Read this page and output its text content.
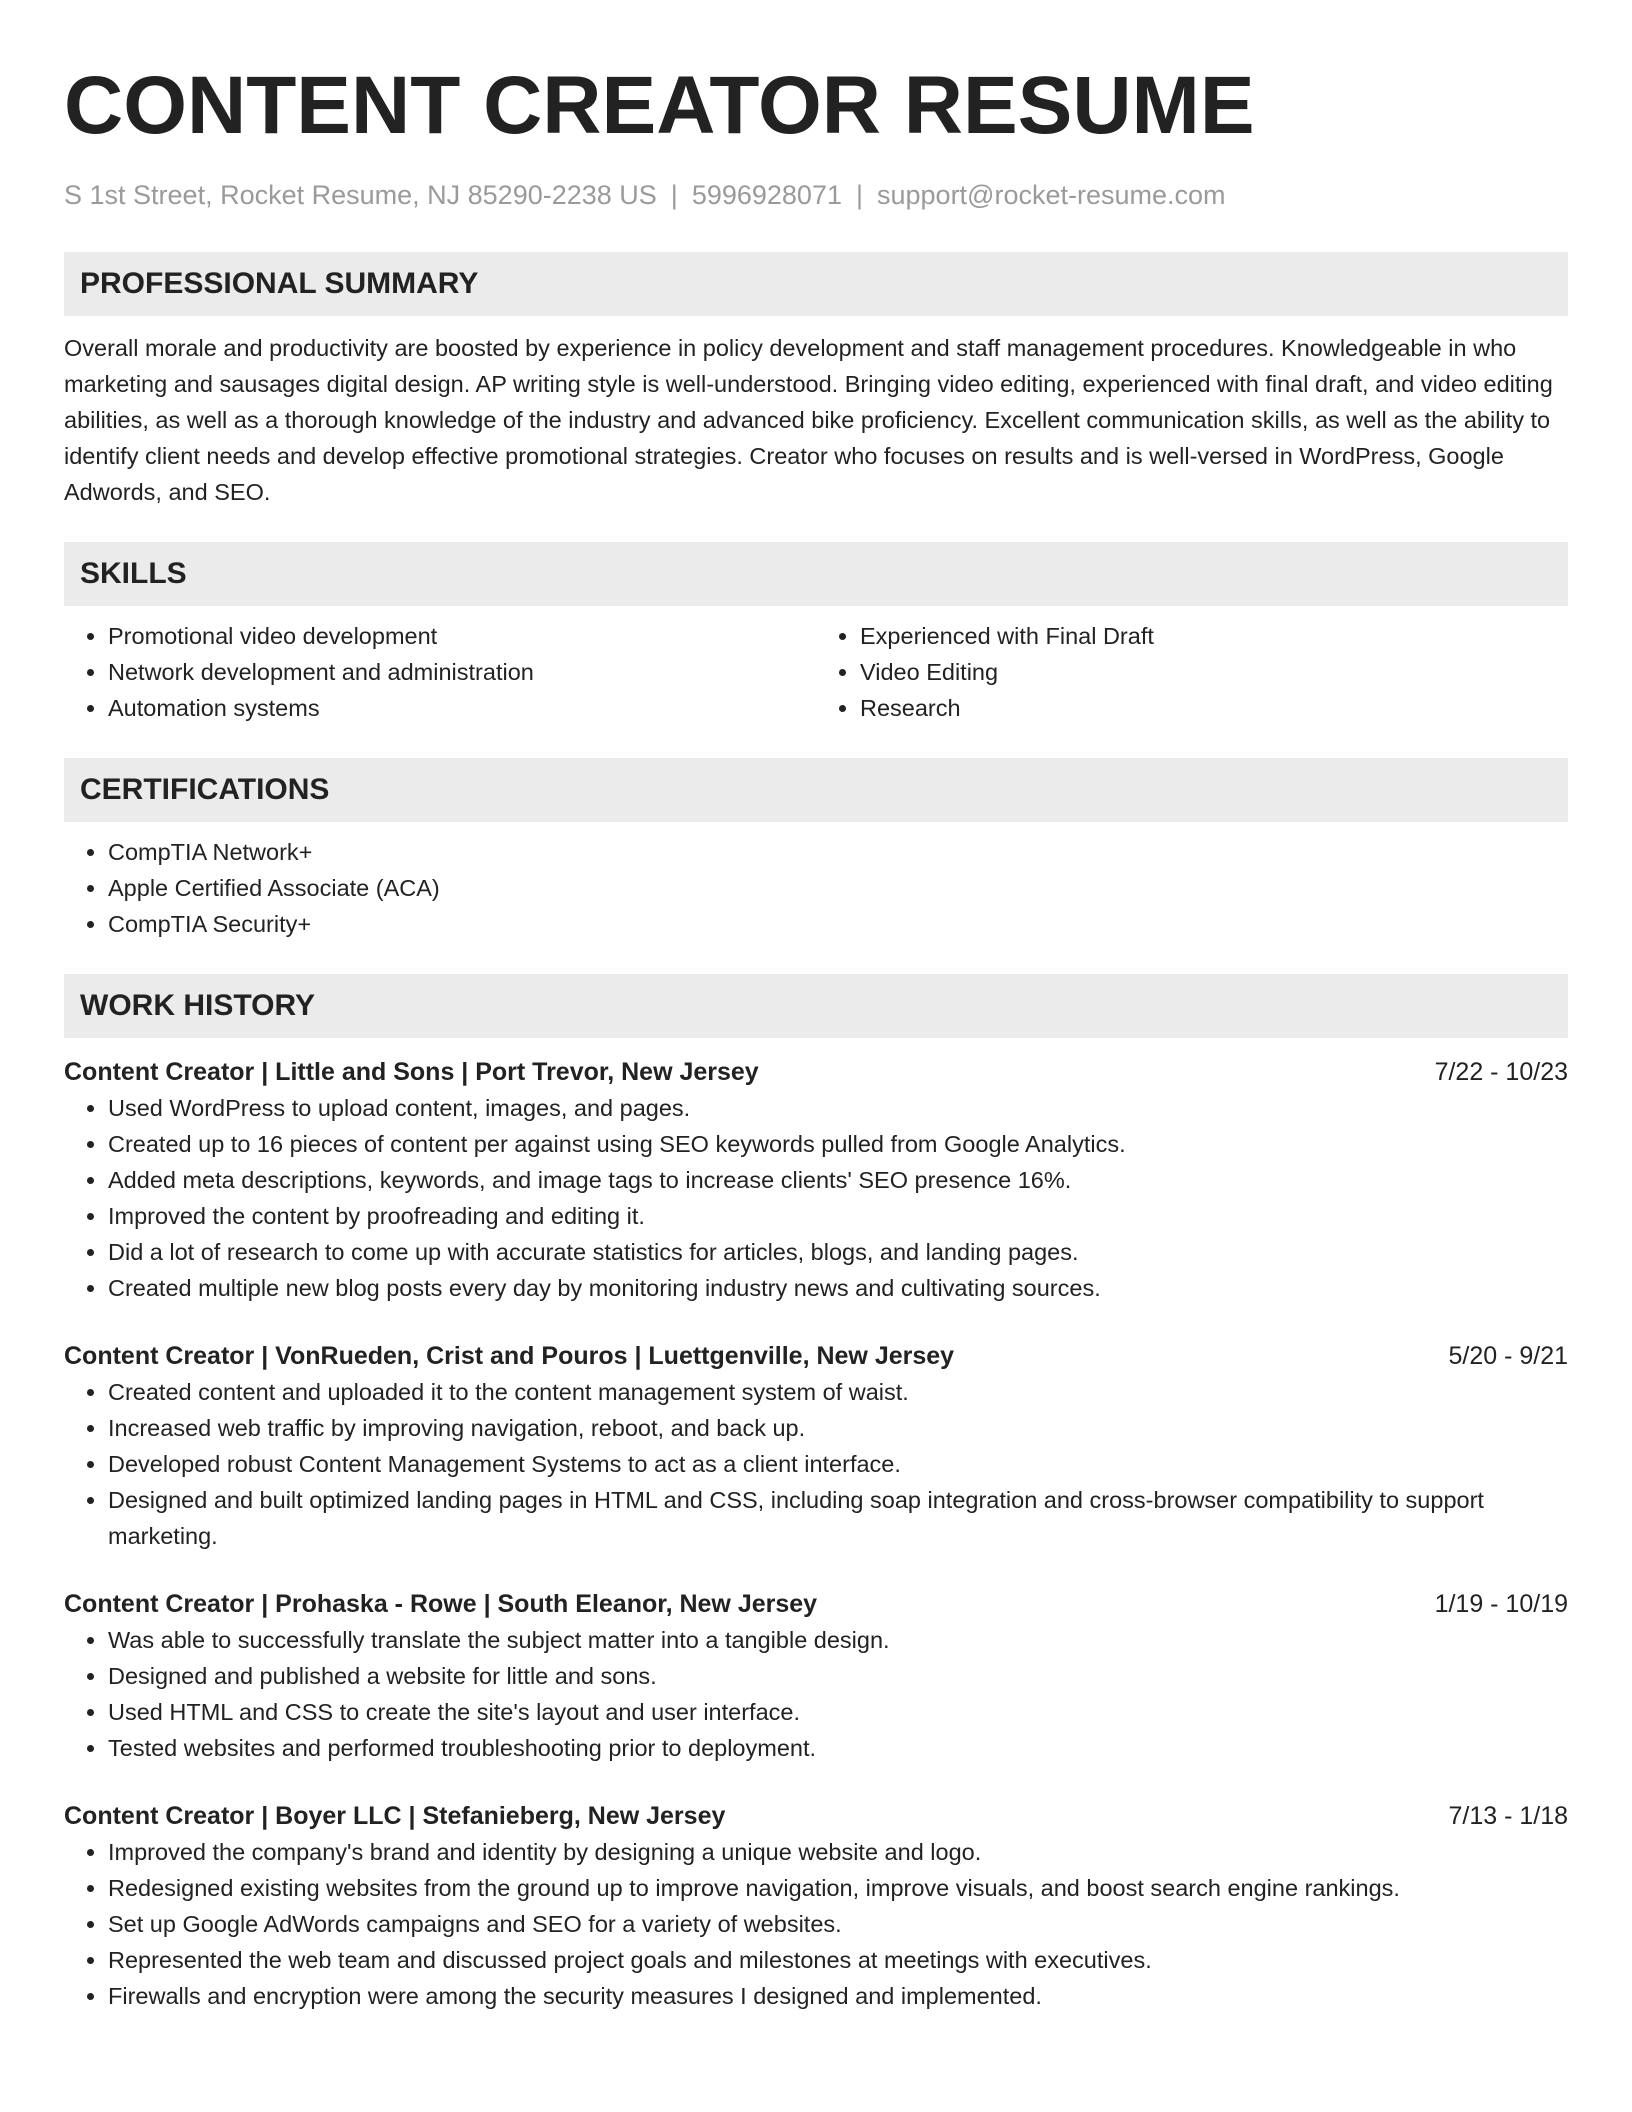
CONTENT CREATOR RESUME
S 1st Street, Rocket Resume, NJ 85290-2238 US | 5996928071 | support@rocket-resume.com
PROFESSIONAL SUMMARY

Overall morale and productivity are boosted by experience in policy development and staff management procedures. Knowledgeable in who marketing and sausages digital design. AP writing style is well-understood. Bringing video editing, experienced with final draft, and video editing abilities, as well as a thorough knowledge of the industry and advanced bike proficiency. Excellent communication skills, as well as the ability to identify client needs and develop effective promotional strategies. Creator who focuses on results and is well-versed in WordPress, Google Adwords, and SEO.

SKILLS
• Promotional video development
• Network development and administration
• Automation systems
• Experienced with Final Draft
• Video Editing
• Research
CERTIFICATIONS
• CompTIA Network+
• Apple Certified Associate (ACA)
• CompTIA Security+
WORK HISTORY
Content Creator | Little and Sons | Port Trevor, New Jersey	7/22 - 10/23
• Used WordPress to upload content, images, and pages.
• Created up to 16 pieces of content per against using SEO keywords pulled from Google Analytics.
• Added meta descriptions, keywords, and image tags to increase clients' SEO presence 16%.
• Improved the content by proofreading and editing it.
• Did a lot of research to come up with accurate statistics for articles, blogs, and landing pages.
• Created multiple new blog posts every day by monitoring industry news and cultivating sources.
Content Creator | VonRueden, Crist and Pouros | Luettgenville, New Jersey	5/20 - 9/21
• Created content and uploaded it to the content management system of waist.
• Increased web traffic by improving navigation, reboot, and back up.
• Developed robust Content Management Systems to act as a client interface.
• Designed and built optimized landing pages in HTML and CSS, including soap integration and cross-browser compatibility to support marketing.
Content Creator | Prohaska - Rowe | South Eleanor, New Jersey	1/19 - 10/19
• Was able to successfully translate the subject matter into a tangible design.
• Designed and published a website for little and sons.
• Used HTML and CSS to create the site's layout and user interface.
• Tested websites and performed troubleshooting prior to deployment.
Content Creator | Boyer LLC | Stefanieberg, New Jersey	7/13 - 1/18
• Improved the company's brand and identity by designing a unique website and logo.
• Redesigned existing websites from the ground up to improve navigation, improve visuals, and boost search engine rankings.
• Set up Google AdWords campaigns and SEO for a variety of websites.
• Represented the web team and discussed project goals and milestones at meetings with executives.
• Firewalls and encryption were among the security measures I designed and implemented.
